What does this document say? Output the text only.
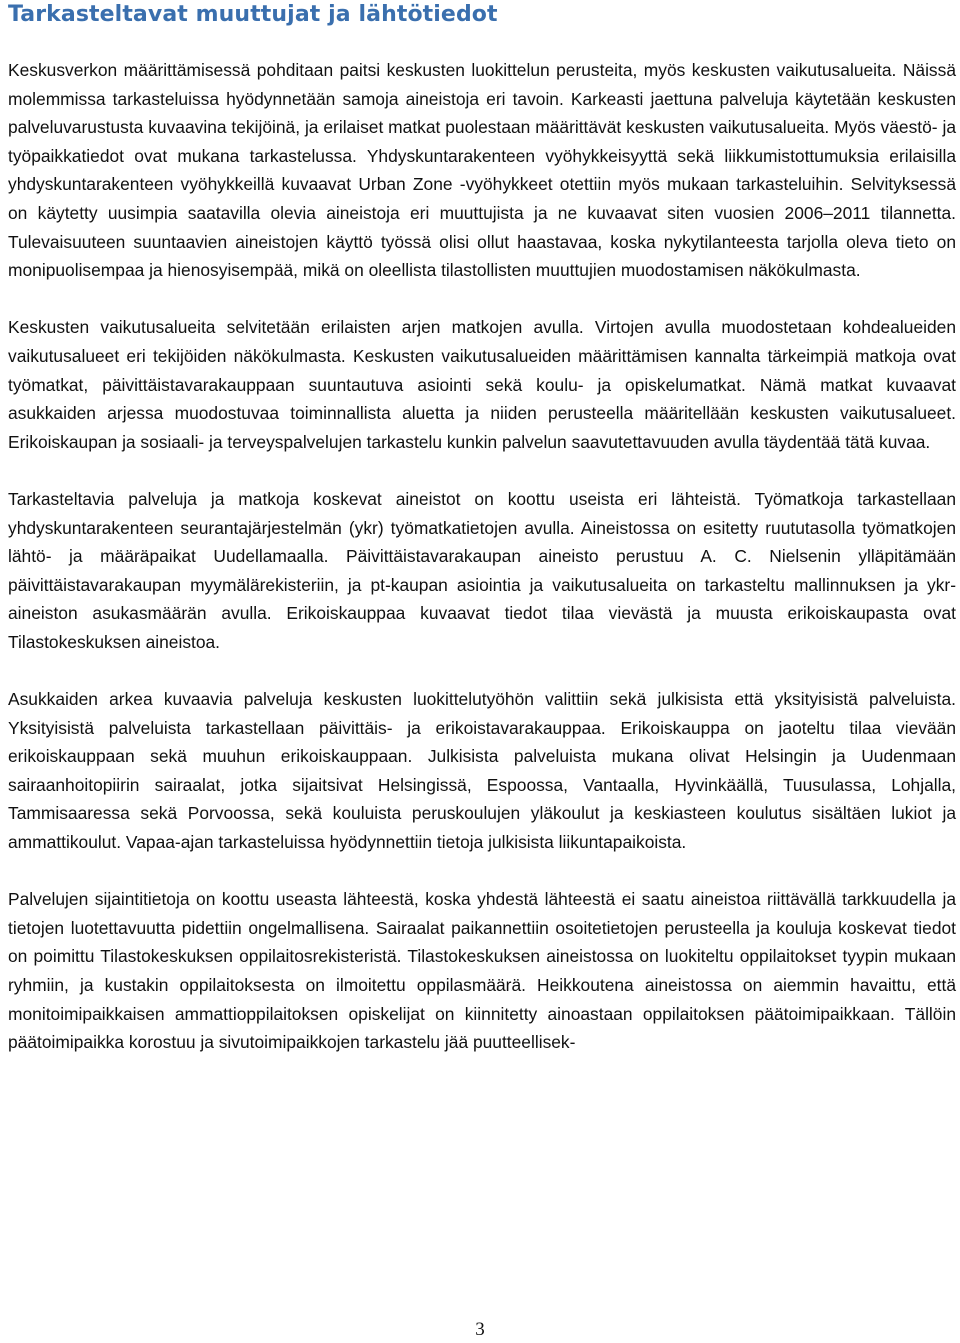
Tarkasteltavat muuttujat ja lähtötiedot

Keskusverkon määrittämisessä pohditaan paitsi keskusten luokittelun perusteita, myös keskusten vaikutusalueita. Näissä molemmissa tarkasteluissa hyödynnetään samoja aineistoja eri tavoin. Karkeasti jaettuna palveluja käytetään keskusten palveluvarustusta kuvaavina tekijöinä, ja erilaiset matkat puolestaan määrittävät keskusten vaikutusalueita. Myös väestö- ja työpaikkatiedot ovat mukana tarkastelussa. Yhdyskuntarakenteen vyöhykkeisyyttä sekä liikkumistottumuksia erilaisilla yhdyskuntarakenteen vyöhykkeillä kuvaavat Urban Zone -vyöhykkeet otettiin myös mukaan tarkasteluihin. Selvityksessä on käytetty uusimpia saatavilla olevia aineistoja eri muuttujista ja ne kuvaavat siten vuosien 2006–2011 tilannetta. Tulevaisuuteen suuntaavien aineistojen käyttö työssä olisi ollut haastavaa, koska nykytilanteesta tarjolla oleva tieto on monipuolisempaa ja hienosyisempää, mikä on oleellista tilastollisten muuttujien muodostamisen näkökulmasta.

Keskusten vaikutusalueita selvitetään erilaisten arjen matkojen avulla. Virtojen avulla muodostetaan kohdealueiden vaikutusalueet eri tekijöiden näkökulmasta. Keskusten vaikutusalueiden määrittämisen kannalta tärkeimpiä matkoja ovat työmatkat, päivittäistavarakauppaan suuntautuva asiointi sekä koulu- ja opiskelumatkat. Nämä matkat kuvaavat asukkaiden arjessa muodostuvaa toiminnallista aluetta ja niiden perusteella määritellään keskusten vaikutusalueet. Erikoiskaupan ja sosiaali- ja terveyspalvelujen tarkastelu kunkin palvelun saavutettavuuden avulla täydentää tätä kuvaa.

Tarkasteltavia palveluja ja matkoja koskevat aineistot on koottu useista eri lähteistä. Työmatkoja tarkastellaan yhdyskuntarakenteen seurantajärjestelmän (ykr) työmatkatietojen avulla. Aineistossa on esitetty ruututasolla työmatkojen lähtö- ja määräpaikat Uudellamaalla. Päivittäistavarakaupan aineisto perustuu A. C. Nielsenin ylläpitämään päivittäistavarakaupan myymälärekisteriin, ja pt-kaupan asiointia ja vaikutusalueita on tarkasteltu mallinnuksen ja ykr-aineiston asukasmäärän avulla. Erikoiskauppaa kuvaavat tiedot tilaa vievästä ja muusta erikoiskaupasta ovat Tilastokeskuksen aineistoa.

Asukkaiden arkea kuvaavia palveluja keskusten luokittelutyöhön valittiin sekä julkisista että yksityisistä palveluista. Yksityisistä palveluista tarkastellaan päivittäis- ja erikoistavarakauppaa. Erikoiskauppa on jaoteltu tilaa vievään erikoiskauppaan sekä muuhun erikoiskauppaan. Julkisista palveluista mukana olivat Helsingin ja Uudenmaan sairaanhoitopiirin sairaalat, jotka sijaitsivat Helsingissä, Espoossa, Vantaalla, Hyvinkäällä, Tuusulassa, Lohjalla, Tammisaaressa sekä Porvoossa, sekä kouluista peruskoulujen yläkoulut ja keskiasteen koulutus sisältäen lukiot ja ammattikoulut. Vapaa-ajan tarkasteluissa hyödynnettiin tietoja julkisista liikuntapaikoista.

Palvelujen sijaintitietoja on koottu useasta lähteestä, koska yhdestä lähteestä ei saatu aineistoa riittävällä tarkkuudella ja tietojen luotettavuutta pidettiin ongelmallisena. Sairaalat paikannettiin osoitetietojen perusteella ja kouluja koskevat tiedot on poimittu Tilastokeskuksen oppilaitosrekisteristä. Tilastokeskuksen aineistossa on luokiteltu oppilaitokset tyypin mukaan ryhmiin, ja kustakin oppilaitoksesta on ilmoitettu oppilasmäärä. Heikkoutena aineistossa on aiemmin havaittu, että monitoimipaikkaisen ammattioppilaitoksen opiskelijat on kiinnitetty ainoastaan oppilaitoksen päätoimipaikkaan. Tällöin päätoimipaikka korostuu ja sivutoimipaikkojen tarkastelu jää puutteellisek-

3
